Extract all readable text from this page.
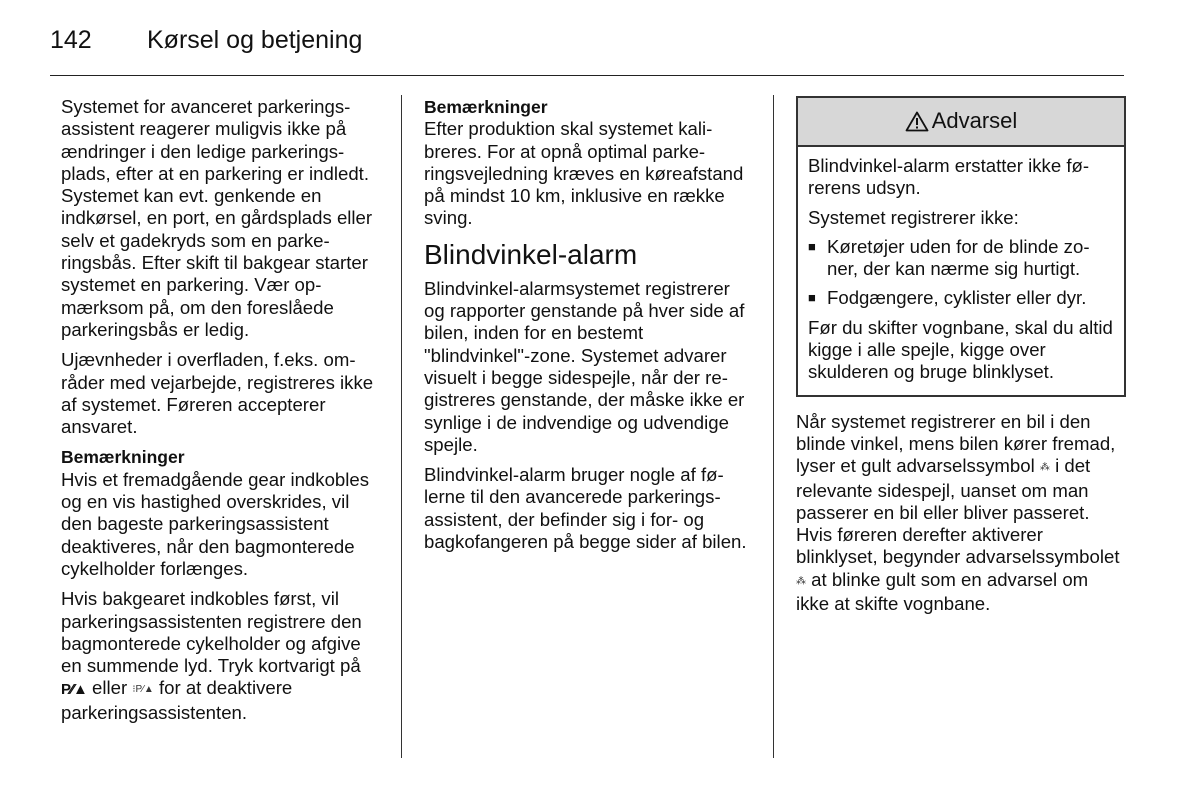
142 Kørsel og betjening

Systemet for avanceret parkeringsassistent reagerer muligvis ikke på ændringer i den ledige parkeringsplads, efter at en parkering er indledt. Systemet kan evt. genkende en indkørsel, en port, en gårdsplads eller selv et gadekryds som en parkeringsbås. Efter skift til bakgear starter systemet en parkering. Vær opmærksom på, om den foreslåede parkeringsbås er ledig.

Ujævnheder i overfladen, f.eks. områder med vejarbejde, registreres ikke af systemet. Føreren accepterer ansvaret.

Bemærkninger

Hvis et fremadgående gear indkobles og en vis hastighed overskrides, vil den bageste parkeringsassistent deaktiveres, når den bagmonterede cykelholder forlænges.

Hvis bakgearet indkobles først, vil parkeringsassistenten registrere den bagmonterede cykelholder og afgive en summende lyd. Tryk kortvarigt på P⁄⁄▲ eller ⁝P⁄▲ for at deaktivere parkeringsassistenten.

Bemærkninger

Efter produktion skal systemet kalibreres. For at opnå optimal parkeringsvejledning kræves en køreafstand på mindst 10 km, inklusive en række sving.

Blindvinkel-alarm

Blindvinkel-alarmsystemet registrerer og rapporter genstande på hver side af bilen, inden for en bestemt "blindvinkel"-zone. Systemet advarer visuelt i begge sidespejle, når der registreres genstande, der måske ikke er synlige i de indvendige og udvendige spejle.

Blindvinkel-alarm bruger nogle af følerne til den avancerede parkeringsassistent, der befinder sig i for- og bagkofangeren på begge sider af bilen.

Advarsel

Blindvinkel-alarm erstatter ikke førerens udsyn.

Systemet registrerer ikke:

■ Køretøjer uden for de blinde zoner, der kan nærme sig hurtigt.
■ Fodgængere, cyklister eller dyr.

Før du skifter vognbane, skal du altid kigge i alle spejle, kigge over skulderen og bruge blinklyset.

Når systemet registrerer en bil i den blinde vinkel, mens bilen kører fremad, lyser et gult advarselssymbol ⁂ i det relevante sidespejl, uanset om man passerer en bil eller bliver passeret. Hvis føreren derefter aktiverer blinklyset, begynder advarselssymbolet ⁂ at blinke gult som en advarsel om ikke at skifte vognbane.
